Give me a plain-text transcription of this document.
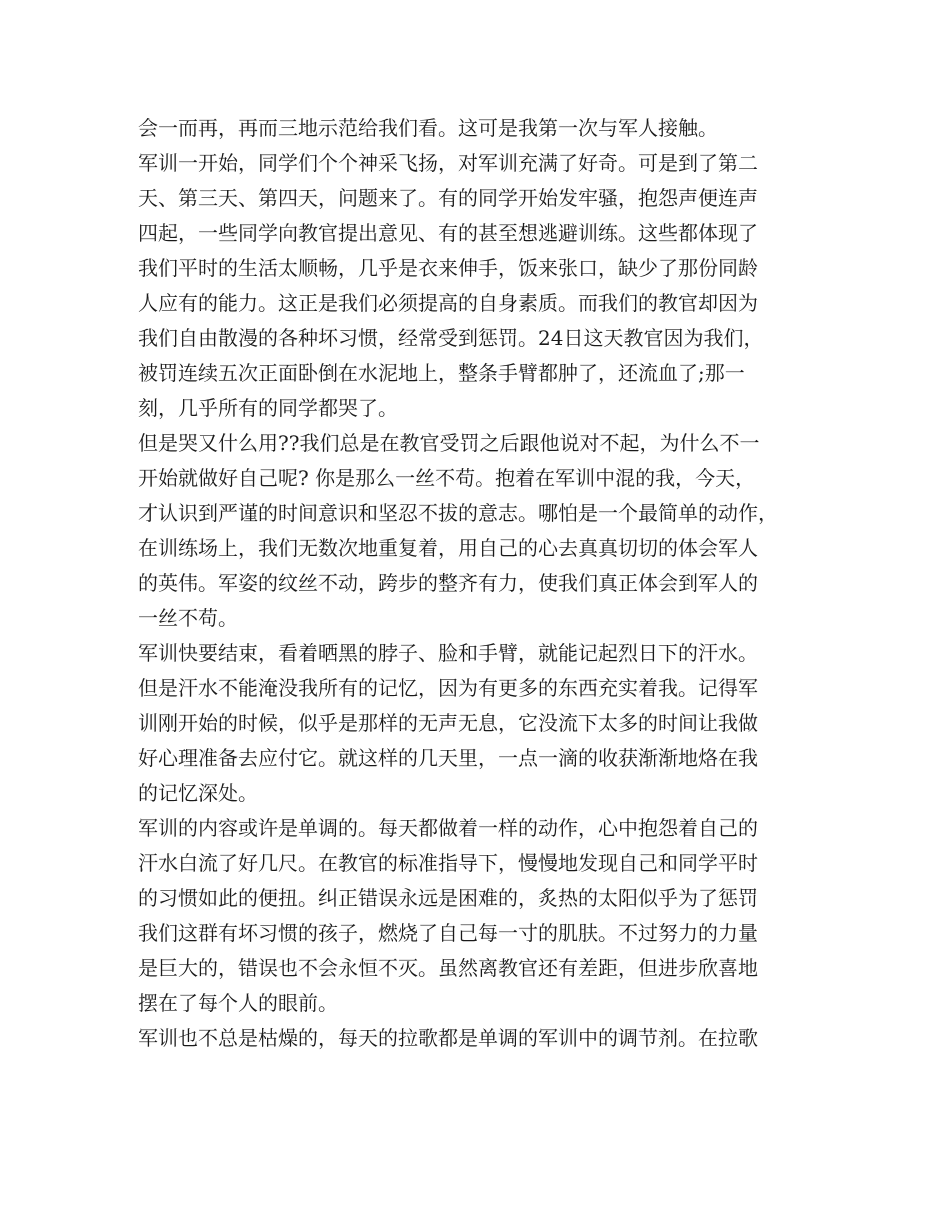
会一而再，再而三地示范给我们看。这可是我第一次与军人接触。
军训一开始，同学们个个神采飞扬，对军训充满了好奇。可是到了第二
天、第三天、第四天，问题来了。有的同学开始发牢骚，抱怨声便连声
四起，一些同学向教官提出意见、有的甚至想逃避训练。这些都体现了
我们平时的生活太顺畅，几乎是衣来伸手，饭来张口，缺少了那份同龄
人应有的能力。这正是我们必须提高的自身素质。而我们的教官却因为
我们自由散漫的各种坏习惯，经常受到惩罚。24日这天教官因为我们，
被罚连续五次正面卧倒在水泥地上，整条手臂都肿了，还流血了;那一
刻，几乎所有的同学都哭了。
但是哭又什么用??我们总是在教官受罚之后跟他说对不起，为什么不一
开始就做好自己呢? 你是那么一丝不苟。抱着在军训中混的我，今天，
才认识到严谨的时间意识和坚忍不拔的意志。哪怕是一个最简单的动作，
在训练场上，我们无数次地重复着，用自己的心去真真切切的体会军人
的英伟。军姿的纹丝不动，跨步的整齐有力，使我们真正体会到军人的
一丝不苟。
军训快要结束，看着晒黑的脖子、脸和手臂，就能记起烈日下的汗水。
但是汗水不能淹没我所有的记忆，因为有更多的东西充实着我。记得军
训刚开始的时候，似乎是那样的无声无息，它没流下太多的时间让我做
好心理准备去应付它。就这样的几天里，一点一滴的收获渐渐地烙在我
的记忆深处。
军训的内容或许是单调的。每天都做着一样的动作，心中抱怨着自己的
汗水白流了好几尺。在教官的标准指导下，慢慢地发现自己和同学平时
的习惯如此的便扭。纠正错误永远是困难的，炙热的太阳似乎为了惩罚
我们这群有坏习惯的孩子，燃烧了自己每一寸的肌肤。不过努力的力量
是巨大的，错误也不会永恒不灭。虽然离教官还有差距，但进步欣喜地
摆在了每个人的眼前。
军训也不总是枯燥的，每天的拉歌都是单调的军训中的调节剂。在拉歌
